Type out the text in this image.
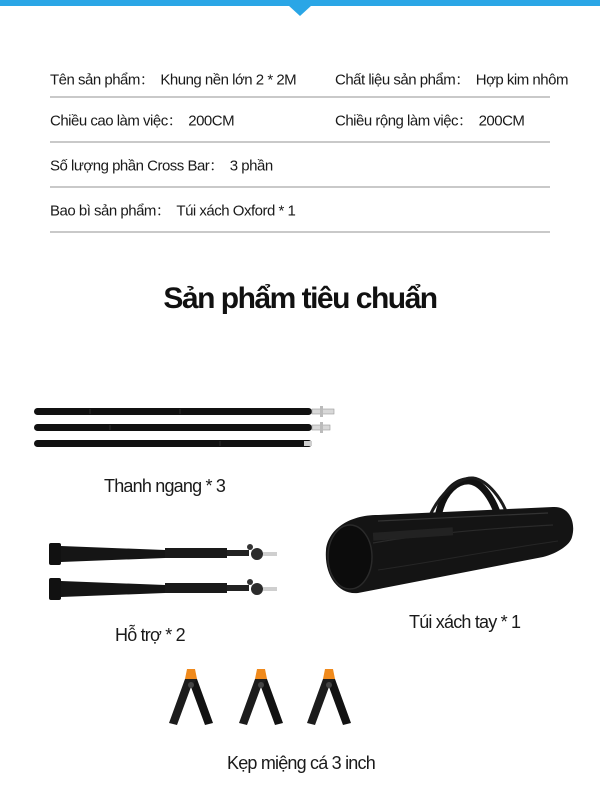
Tên sản phẩm： Khung nền lớn 2 * 2M	Chất liệu sản phẩm： Hợp kim nhôm
Chiều cao làm việc： 200CM	Chiều rộng làm việc： 200CM
Số lượng phần Cross Bar： 3 phần
Bao bì sản phẩm： Túi xách Oxford * 1
Sản phẩm tiêu chuẩn
Thanh ngang * 3
Hỗ trợ * 2
Túi xách tay * 1
Kẹp miệng cá 3 inch
